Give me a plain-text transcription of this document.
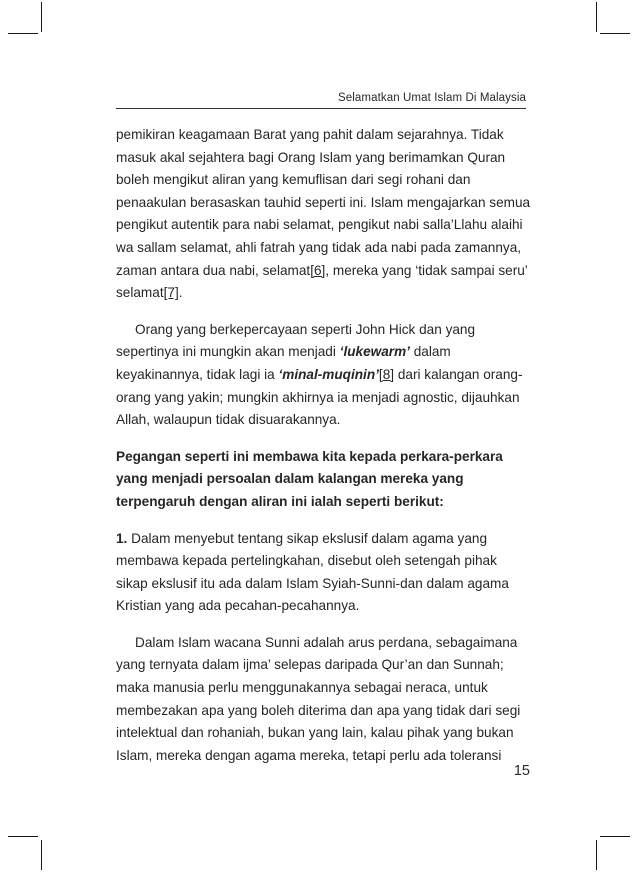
Selamatkan Umat Islam Di Malaysia

pemikiran keagamaan Barat yang pahit dalam sejarahnya. Tidak masuk akal sejahtera bagi Orang Islam yang berimamkan Quran boleh mengikut aliran yang kemuflisan dari segi rohani dan penaakulan berasaskan tauhid seperti ini. Islam mengajarkan semua pengikut autentik para nabi selamat, pengikut nabi salla’Llahu alaihi wa sallam selamat, ahli fatrah yang tidak ada nabi pada zamannya, zaman antara dua nabi, selamat[6], mereka yang ‘tidak sampai seru’ selamat[7].

Orang yang berkepercayaan seperti John Hick dan yang sepertinya ini mungkin akan menjadi ‘lukewarm’ dalam keyakinannya, tidak lagi ia ‘minal-muqinin’[8] dari kalangan orang-orang yang yakin; mungkin akhirnya ia menjadi agnostic, dijauhkan Allah, walaupun tidak disuarakannya.

Pegangan seperti ini membawa kita kepada perkara-perkara yang menjadi persoalan dalam kalangan mereka yang terpengaruh dengan aliran ini ialah seperti berikut:

1. Dalam menyebut tentang sikap ekslusif dalam agama yang membawa kepada pertelingkahan, disebut oleh setengah pihak sikap ekslusif itu ada dalam Islam Syiah-Sunni-dan dalam agama Kristian yang ada pecahan-pecahannya.

Dalam Islam wacana Sunni adalah arus perdana, sebagaimana yang ternyata dalam ijma’ selepas daripada Qur’an dan Sunnah; maka manusia perlu menggunakannya sebagai neraca, untuk membezakan apa yang boleh diterima dan apa yang tidak dari segi intelektual dan rohaniah, bukan yang lain, kalau pihak yang bukan Islam, mereka dengan agama mereka, tetapi perlu ada toleransi

15
